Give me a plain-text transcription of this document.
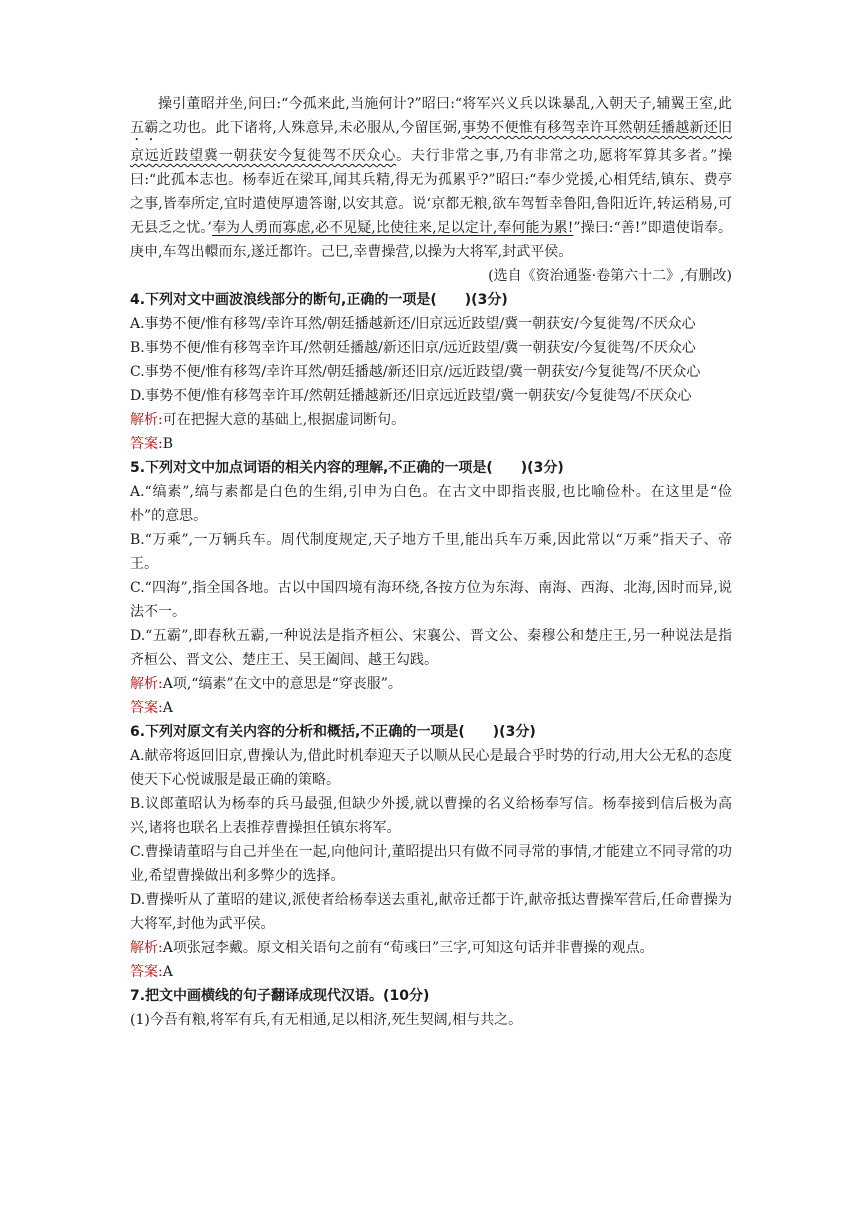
操引董昭并坐,问曰:“今孤来此,当施何计?”昭曰:“将军兴义兵以诛暴乱,入朝天子,辅翼王室,此五霸之功也。此下诸将,人殊意异,未必服从,今留匡弼,事势不便惟有移驾幸许耳然朝廷播越新还旧京远近跂望冀一朝获安今复徙驾不厌众心。夫行非常之事,乃有非常之功,愿将军算其多者。”操曰:“此孤本志也。杨奉近在梁耳,闻其兵精,得无为孤累乎?”昭曰:“奉少党援,心相凭结,镇东、费亭之事,皆奉所定,宜时遣使厚遗答谢,以安其意。说‘京都无粮,欲车驾暂幸鲁阳,鲁阳近许,转运稍易,可无县乏之忧。’奉为人勇而寡虑,必不见疑,比使往来,足以定计,奉何能为累!”操曰:“善!”即遣使诣奉。庚申,车驾出轘而东,遂迁都许。己巳,幸曹操营,以操为大将军,封武平侯。

(选自《资治通鉴·卷第六十二》,有删改)

4.下列对文中画波浪线部分的断句,正确的一项是(　　)(3分)

A.事势不便/惟有移驾/幸许耳然/朝廷播越新还/旧京远近跂望/冀一朝获安/今复徙驾/不厌众心

B.事势不便/惟有移驾幸许耳/然朝廷播越/新还旧京/远近跂望/冀一朝获安/今复徙驾/不厌众心

C.事势不便/惟有移驾/幸许耳然/朝廷播越/新还旧京/远近跂望/冀一朝获安/今复徙驾/不厌众心

D.事势不便/惟有移驾幸许耳/然朝廷播越新还/旧京远近跂望/冀一朝获安/今复徙驾/不厌众心

解析:可在把握大意的基础上,根据虚词断句。

答案:B

5.下列对文中加点词语的相关内容的理解,不正确的一项是(　　)(3分)

A.“缟素”,缟与素都是白色的生绢,引申为白色。在古文中即指丧服,也比喻俭朴。在这里是“俭朴”的意思。

B.“万乘”,一万辆兵车。周代制度规定,天子地方千里,能出兵车万乘,因此常以“万乘”指天子、帝王。

C.“四海”,指全国各地。古以中国四境有海环绕,各按方位为东海、南海、西海、北海,因时而异,说法不一。

D.“五霸”,即春秋五霸,一种说法是指齐桓公、宋襄公、晋文公、秦穆公和楚庄王,另一种说法是指齐桓公、晋文公、楚庄王、吴王阖闾、越王勾践。

解析:A项,“缟素”在文中的意思是“穿丧服”。

答案:A

6.下列对原文有关内容的分析和概括,不正确的一项是(　　)(3分)

A.献帝将返回旧京,曹操认为,借此时机奉迎天子以顺从民心是最合乎时势的行动,用大公无私的态度使天下心悦诚服是最正确的策略。

B.议郎董昭认为杨奉的兵马最强,但缺少外援,就以曹操的名义给杨奉写信。杨奉接到信后极为高兴,诸将也联名上表推荐曹操担任镇东将军。

C.曹操请董昭与自己并坐在一起,向他问计,董昭提出只有做不同寻常的事情,才能建立不同寻常的功业,希望曹操做出利多弊少的选择。

D.曹操听从了董昭的建议,派使者给杨奉送去重礼,献帝迁都于许,献帝抵达曹操军营后,任命曹操为大将军,封他为武平侯。

解析:A项张冠李戴。原文相关语句之前有“荀彧曰”三字,可知这句话并非曹操的观点。

答案:A

7.把文中画横线的句子翻译成现代汉语。(10分)

(1)今吾有粮,将军有兵,有无相通,足以相济,死生契阔,相与共之。
